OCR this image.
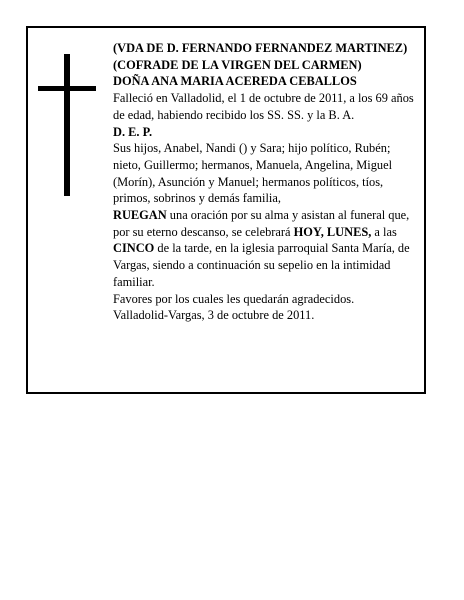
(VDA DE D. FERNANDO FERNANDEZ MARTINEZ) (COFRADE DE LA VIRGEN DEL CARMEN)

DOÑA ANA MARIA ACEREDA CEBALLOS

Falleció en Valladolid, el 1 de octubre de 2011, a los 69 años de edad, habiendo recibido los SS. SS. y la B. A.

D. E. P.

Sus hijos, Anabel, Nandi () y Sara; hijo político, Rubén; nieto, Guillermo; hermanos, Manuela, Angelina, Miguel (Morín), Asunción y Manuel; hermanos políticos, tíos, primos, sobrinos y demás familia,

RUEGAN una oración por su alma y asistan al funeral que, por su eterno descanso, se celebrará HOY, LUNES, a las CINCO de la tarde, en la iglesia parroquial Santa María, de Vargas, siendo a continuación su sepelio en la intimidad familiar.

Favores por los cuales les quedarán agradecidos.

Valladolid-Vargas, 3 de octubre de 2011.
